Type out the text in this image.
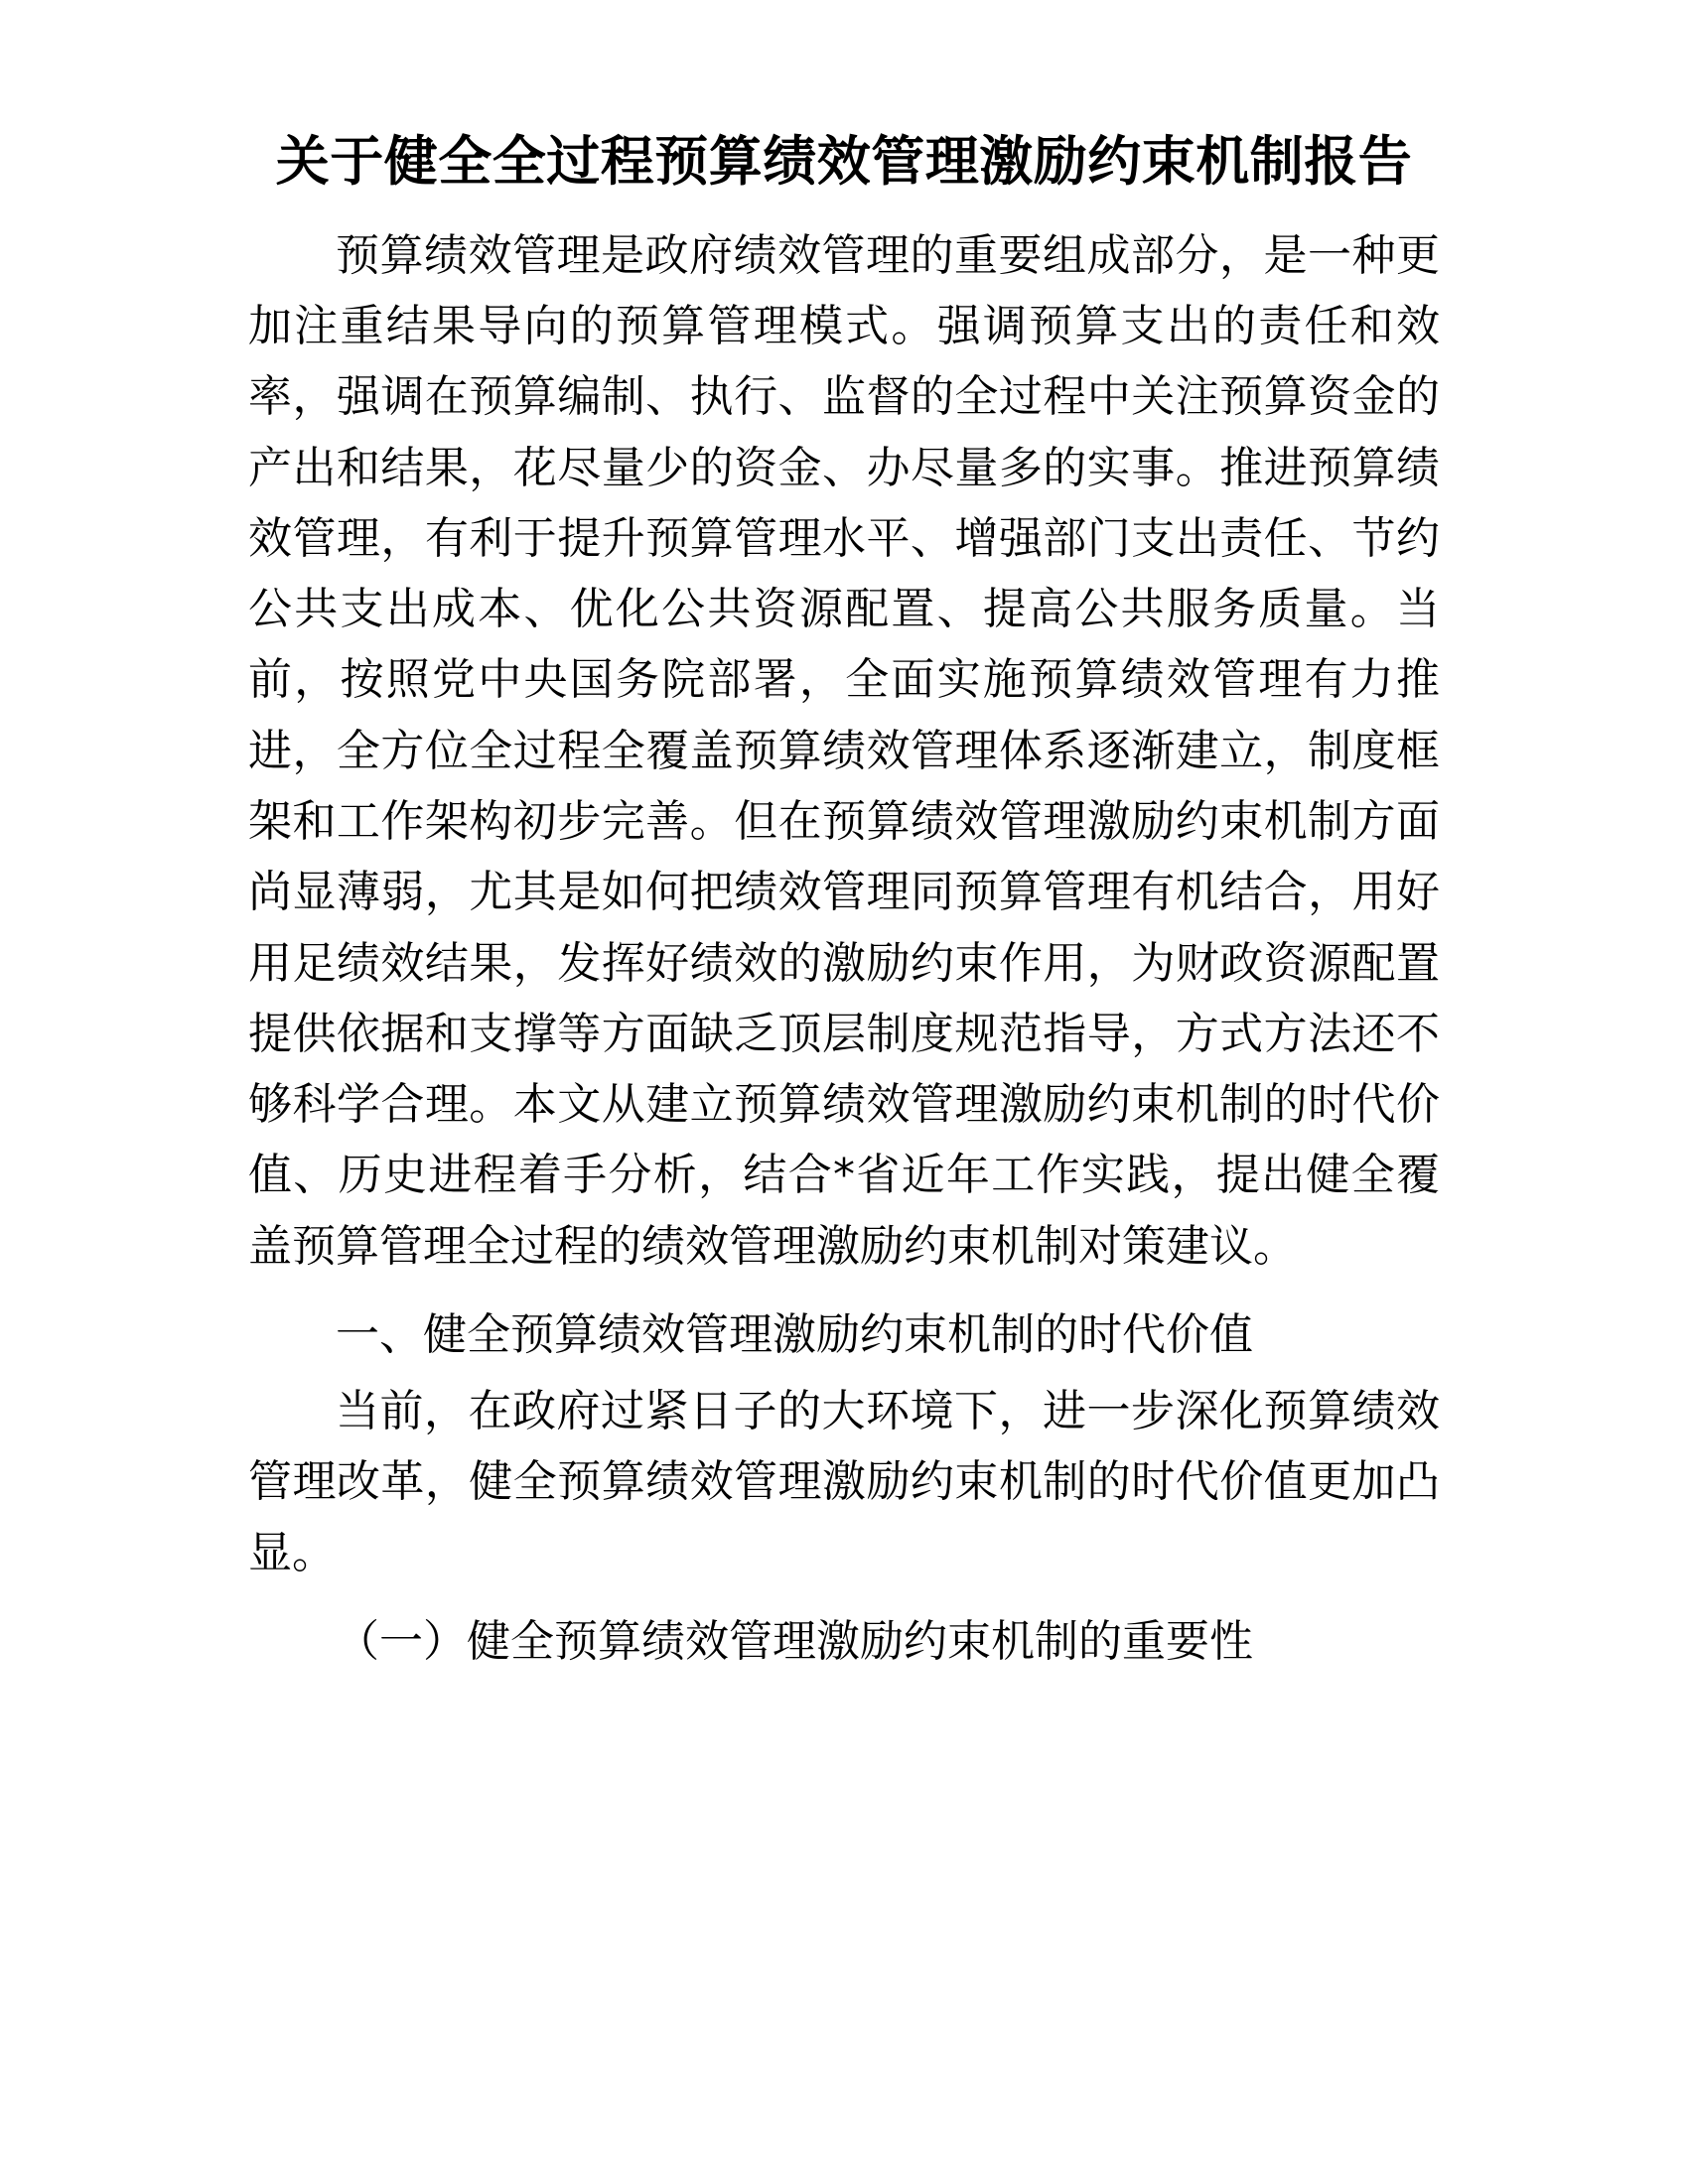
关于健全全过程预算绩效管理激励约束机制报告

预算绩效管理是政府绩效管理的重要组成部分，是一种更加注重结果导向的预算管理模式。强调预算支出的责任和效率，强调在预算编制、执行、监督的全过程中关注预算资金的产出和结果，花尽量少的资金、办尽量多的实事。推进预算绩效管理，有利于提升预算管理水平、增强部门支出责任、节约公共支出成本、优化公共资源配置、提高公共服务质量。当前，按照党中央国务院部署，全面实施预算绩效管理有力推进，全方位全过程全覆盖预算绩效管理体系逐渐建立，制度框架和工作架构初步完善。但在预算绩效管理激励约束机制方面尚显薄弱，尤其是如何把绩效管理同预算管理有机结合，用好用足绩效结果，发挥好绩效的激励约束作用，为财政资源配置提供依据和支撑等方面缺乏顶层制度规范指导，方式方法还不够科学合理。本文从建立预算绩效管理激励约束机制的时代价值、历史进程着手分析，结合*省近年工作实践，提出健全覆盖预算管理全过程的绩效管理激励约束机制对策建议。

一、健全预算绩效管理激励约束机制的时代价值

当前，在政府过紧日子的大环境下，进一步深化预算绩效管理改革，健全预算绩效管理激励约束机制的时代价值更加凸显。

（一）健全预算绩效管理激励约束机制的重要性
